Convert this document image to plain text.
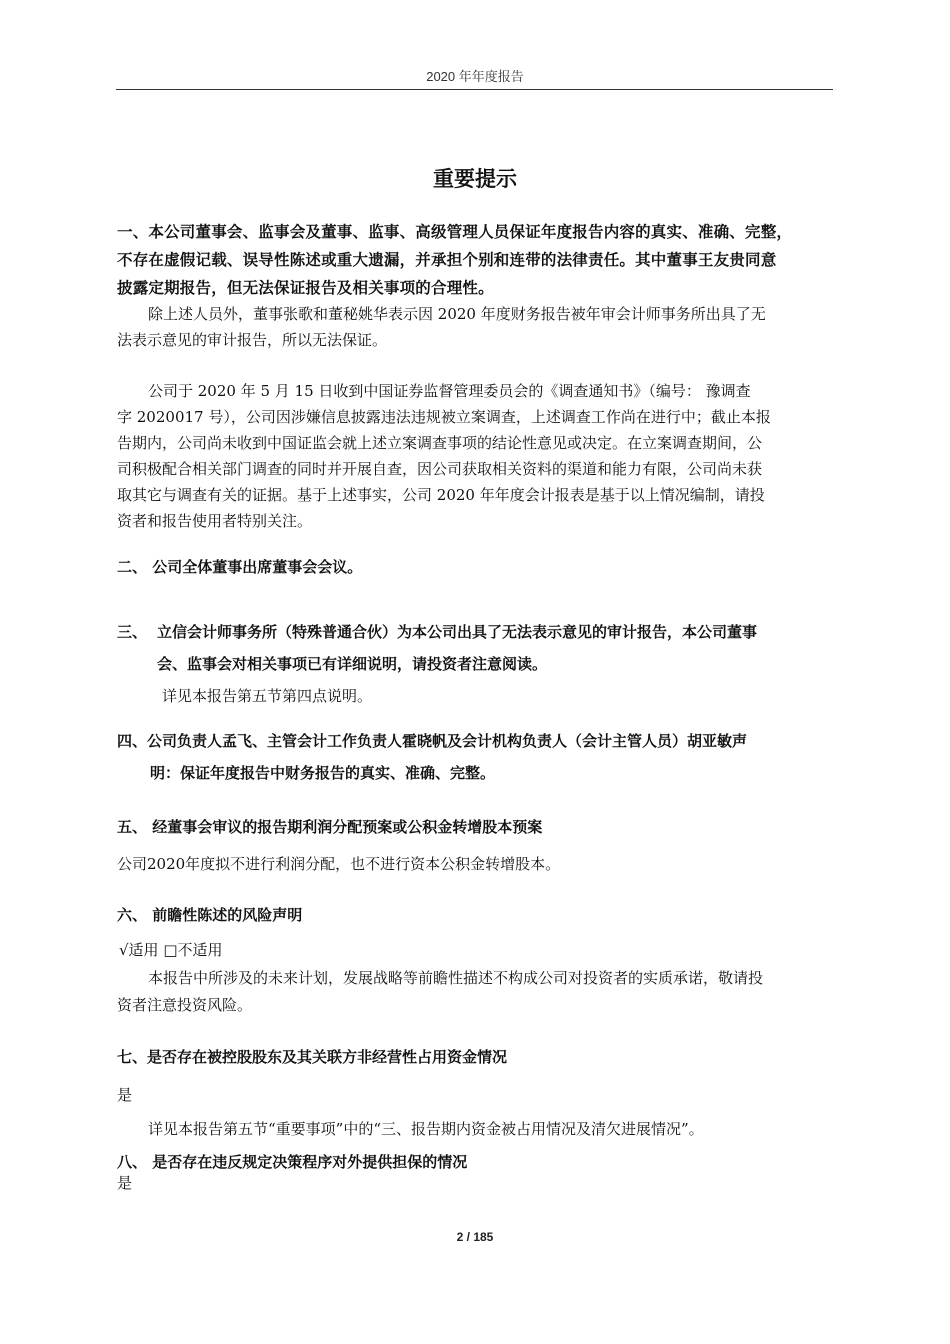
2020 年年度报告
重要提示
一、本公司董事会、监事会及董事、监事、高级管理人员保证年度报告内容的真实、准确、完整，
不存在虚假记载、误导性陈述或重大遗漏，并承担个别和连带的法律责任。其中董事王友贵同意
披露定期报告，但无法保证报告及相关事项的合理性。
除上述人员外，董事张歌和董秘姚华表示因 2020 年度财务报告被年审会计师事务所出具了无
法表示意见的审计报告，所以无法保证。
公司于 2020 年 5 月 15 日收到中国证券监督管理委员会的《调查通知书》（编号： 豫调查
字 2020017 号），公司因涉嫌信息披露违法违规被立案调查，上述调查工作尚在进行中；截止本报
告期内，公司尚未收到中国证监会就上述立案调查事项的结论性意见或决定。在立案调查期间，公
司积极配合相关部门调查的同时并开展自查，因公司获取相关资料的渠道和能力有限，公司尚未获
取其它与调查有关的证据。基于上述事实，公司 2020 年年度会计报表是基于以上情况编制，请投
资者和报告使用者特别关注。
二、 公司全体董事出席董事会会议。
三、 立信会计师事务所（特殊普通合伙）为本公司出具了无法表示意见的审计报告，本公司董事
会、监事会对相关事项已有详细说明，请投资者注意阅读。
详见本报告第五节第四点说明。
四、公司负责人孟飞、主管会计工作负责人霍晓帆及会计机构负责人（会计主管人员）胡亚敏声
明：保证年度报告中财务报告的真实、准确、完整。
五、 经董事会审议的报告期利润分配预案或公积金转增股本预案
公司2020年度拟不进行利润分配，也不进行资本公积金转增股本。
六、 前瞻性陈述的风险声明
√适用 □不适用
本报告中所涉及的未来计划，发展战略等前瞻性描述不构成公司对投资者的实质承诺，敬请投
资者注意投资风险。
七、是否存在被控股股东及其关联方非经营性占用资金情况
是
详见本报告第五节“重要事项”中的“三、报告期内资金被占用情况及清欠进展情况”。
八、 是否存在违反规定决策程序对外提供担保的情况
是
2 / 185
